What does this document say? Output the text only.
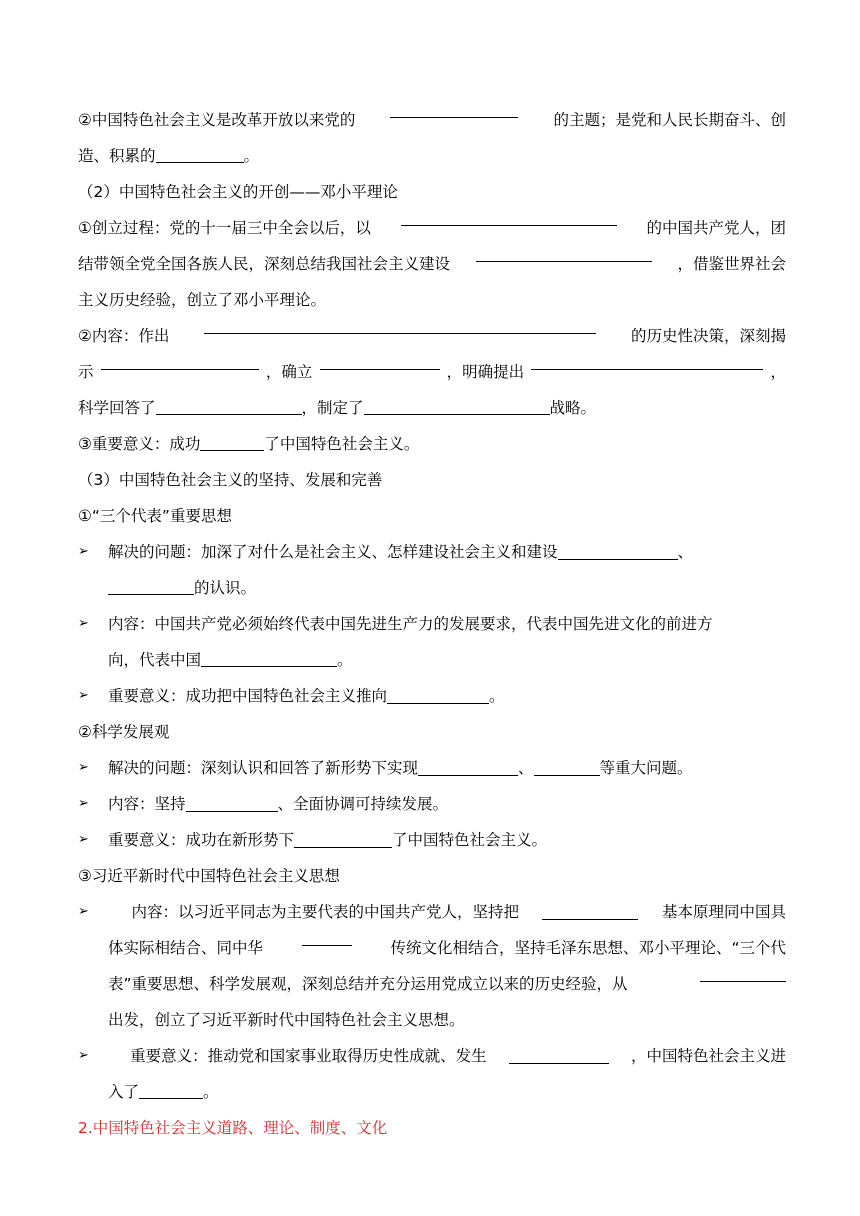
②中国特色社会主义是改革开放以来党的	的主题；是党和人民长期奋斗、创
造、积累的	。
（2）中国特色社会主义的开创——邓小平理论
①创立过程：党的十一届三中全会以后，以	的中国共产党人，团
结带领全党全国各族人民，深刻总结我国社会主义建设	，借鉴世界社会
主义历史经验，创立了邓小平理论。
②内容：作出	的历史性决策，深刻揭
示	，确立	，明确提出	，
科学回答了	，制定了	战略。
③重要意义：成功	了中国特色社会主义。
（3）中国特色社会主义的坚持、发展和完善
①“三个代表”重要思想
➢	解决的问题：加深了对什么是社会主义、怎样建设社会主义和建设	、
的认识。
➢	内容：中国共产党必须始终代表中国先进生产力的发展要求，代表中国先进文化的前进方
向，代表中国	。
➢	重要意义：成功把中国特色社会主义推向	。
②科学发展观
➢	解决的问题：深刻认识和回答了新形势下实现	、	等重大问题。
➢	内容：坚持	、全面协调可持续发展。
➢	重要意义：成功在新形势下	了中国特色社会主义。
③习近平新时代中国特色社会主义思想
➢	内容：以习近平同志为主要代表的中国共产党人，坚持把	基本原理同中国具
体实际相结合、同中华	传统文化相结合，坚持毛泽东思想、邓小平理论、“三个代
表”重要思想、科学发展观，深刻总结并充分运用党成立以来的历史经验，从
出发，创立了习近平新时代中国特色社会主义思想。
➢	重要意义：推动党和国家事业取得历史性成就、发生	，中国特色社会主义进
入了	。
2.中国特色社会主义道路、理论、制度、文化
